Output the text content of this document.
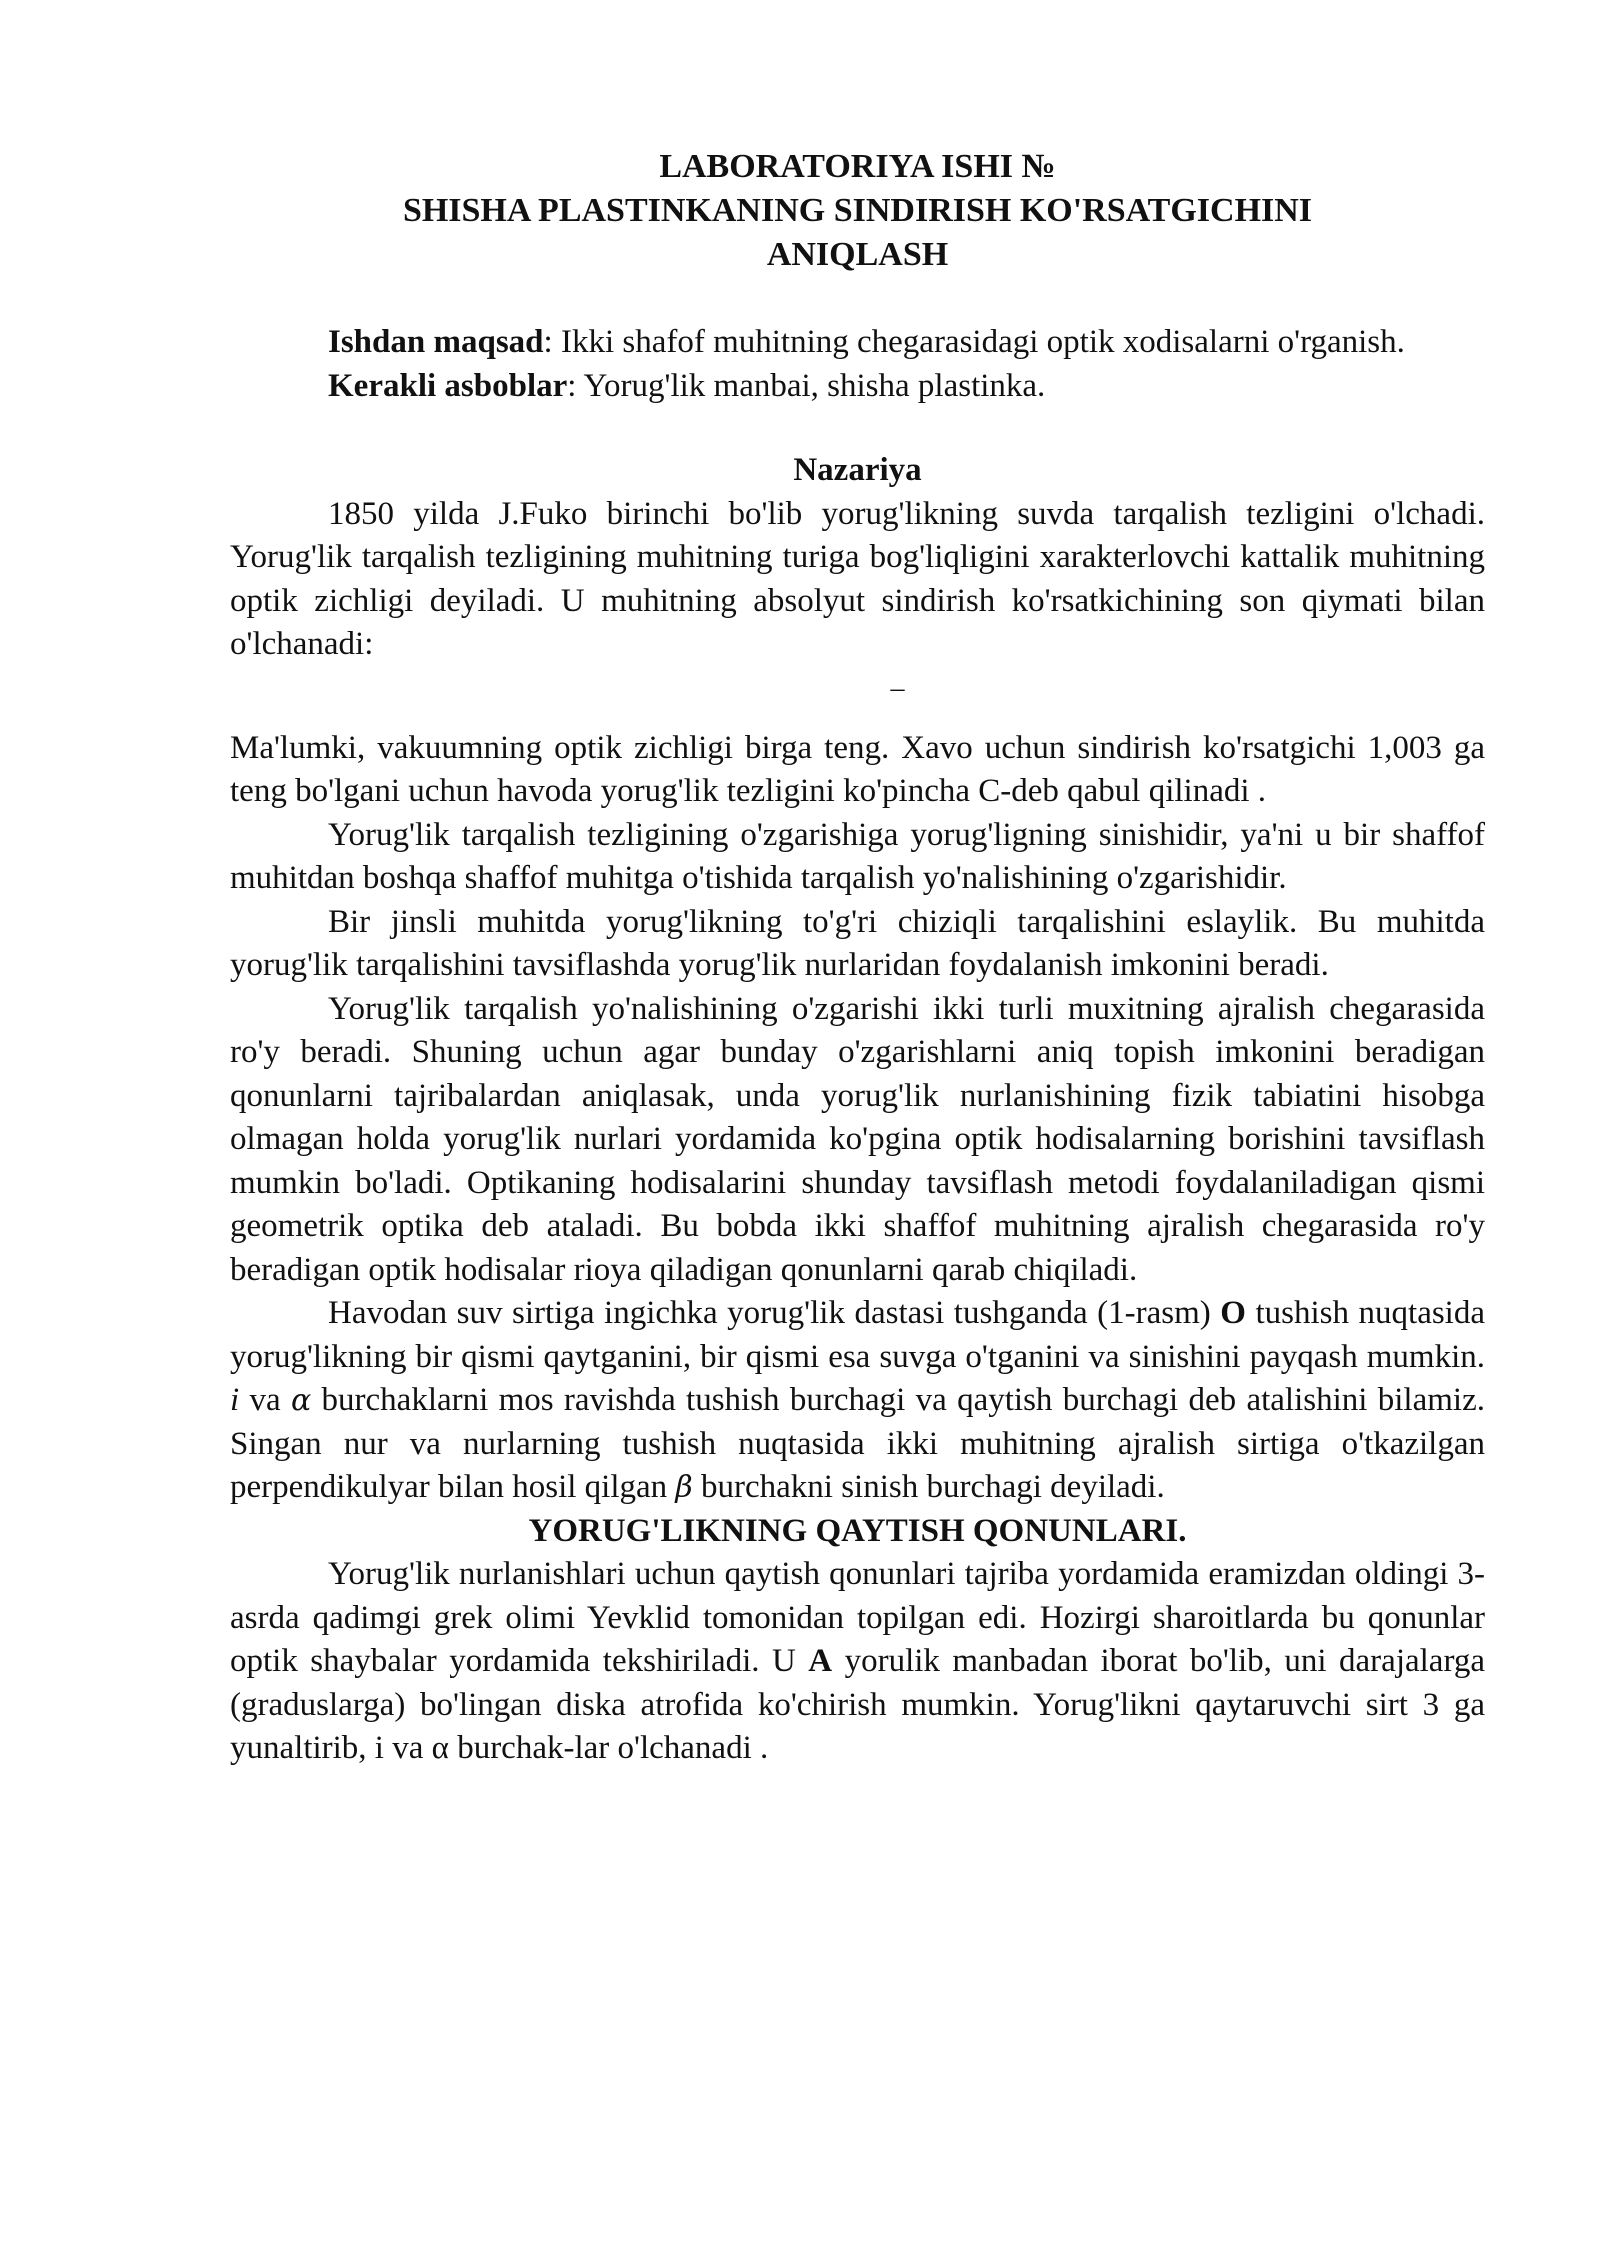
LABORATORIYA ISHI №
SHISHA PLASTINKANING SINDIRISH KO'RSATGICHINI
ANIQLASH

Ishdan maqsad: Ikki shafof muhitning chegarasidagi optik xodisalarni o'rganish.

Kerakli asboblar: Yorug'lik manbai, shisha plastinka.

Nazariya

1850 yilda J.Fuko birinchi bo'lib yorug'likning suvda tarqalish tezligini o'lchadi. Yorug'lik tarqalish tezligining muhitning turiga bog'liqligini xarakterlovchi kattalik muhitning optik zichligi deyiladi. U muhitning absolyut sindirish ko'rsatkichining son qiymati bilan o'lchanadi:

–

Ma'lumki, vakuumning optik zichligi birga teng. Xavo uchun sindirish ko'rsatgichi 1,003 ga teng bo'lgani uchun havoda yorug'lik tezligini ko'pincha C-deb qabul qilinadi .

Yorug'lik tarqalish tezligining o'zgarishiga yorug'ligning sinishidir, ya'ni u bir shaffof muhitdan boshqa shaffof muhitga o'tishida tarqalish yo'nalishining o'zgarishidir.

Bir jinsli muhitda yorug'likning to'g'ri chiziqli tarqalishini eslaylik. Bu muhitda yorug'lik tarqalishini tavsiflashda yorug'lik nurlaridan foydalanish imkonini beradi.

Yorug'lik tarqalish yo'nalishining o'zgarishi ikki turli muxitning ajralish chegarasida ro'y beradi. Shuning uchun agar bunday o'zgarishlarni aniq topish imkonini beradigan qonunlarni tajribalardan aniqlasak, unda yorug'lik nurlanishining fizik tabiatini hisobga olmagan holda yorug'lik nurlari yordamida ko'pgina optik hodisalarning borishini tavsiflash mumkin bo'ladi. Optikaning hodisalarini shunday tavsiflash metodi foydalaniladigan qismi geometrik optika deb ataladi. Bu bobda ikki shaffof muhitning ajralish chegarasida ro'y beradigan optik hodisalar rioya qiladigan qonunlarni qarab chiqiladi.

Havodan suv sirtiga ingichka yorug'lik dastasi tushganda (1-rasm) O tushish nuqtasida yorug'likning bir qismi qaytganini, bir qismi esa suvga o'tganini va sinishini payqash mumkin. i va α burchaklarni mos ravishda tushish burchagi va qaytish burchagi deb atalishini bilamiz. Singan nur va nurlarning tushish nuqtasida ikki muhitning ajralish sirtiga o'tkazilgan perpendikulyar bilan hosil qilgan β burchakni sinish burchagi deyiladi.

YORUG'LIKNING QAYTISH QONUNLARI.

Yorug'lik nurlanishlari uchun qaytish qonunlari tajriba yordamida eramizdan oldingi 3-asrda qadimgi grek olimi Yevklid tomonidan topilgan edi. Hozirgi sharoitlarda bu qonunlar optik shaybalar yordamida tekshiriladi. U A yorulik manbadan iborat bo'lib, uni darajalarga (graduslarga) bo'lingan diska atrofida ko'chirish mumkin. Yorug'likni qaytaruvchi sirt 3 ga yunaltirib, i va α burchak-lar o'lchanadi .
